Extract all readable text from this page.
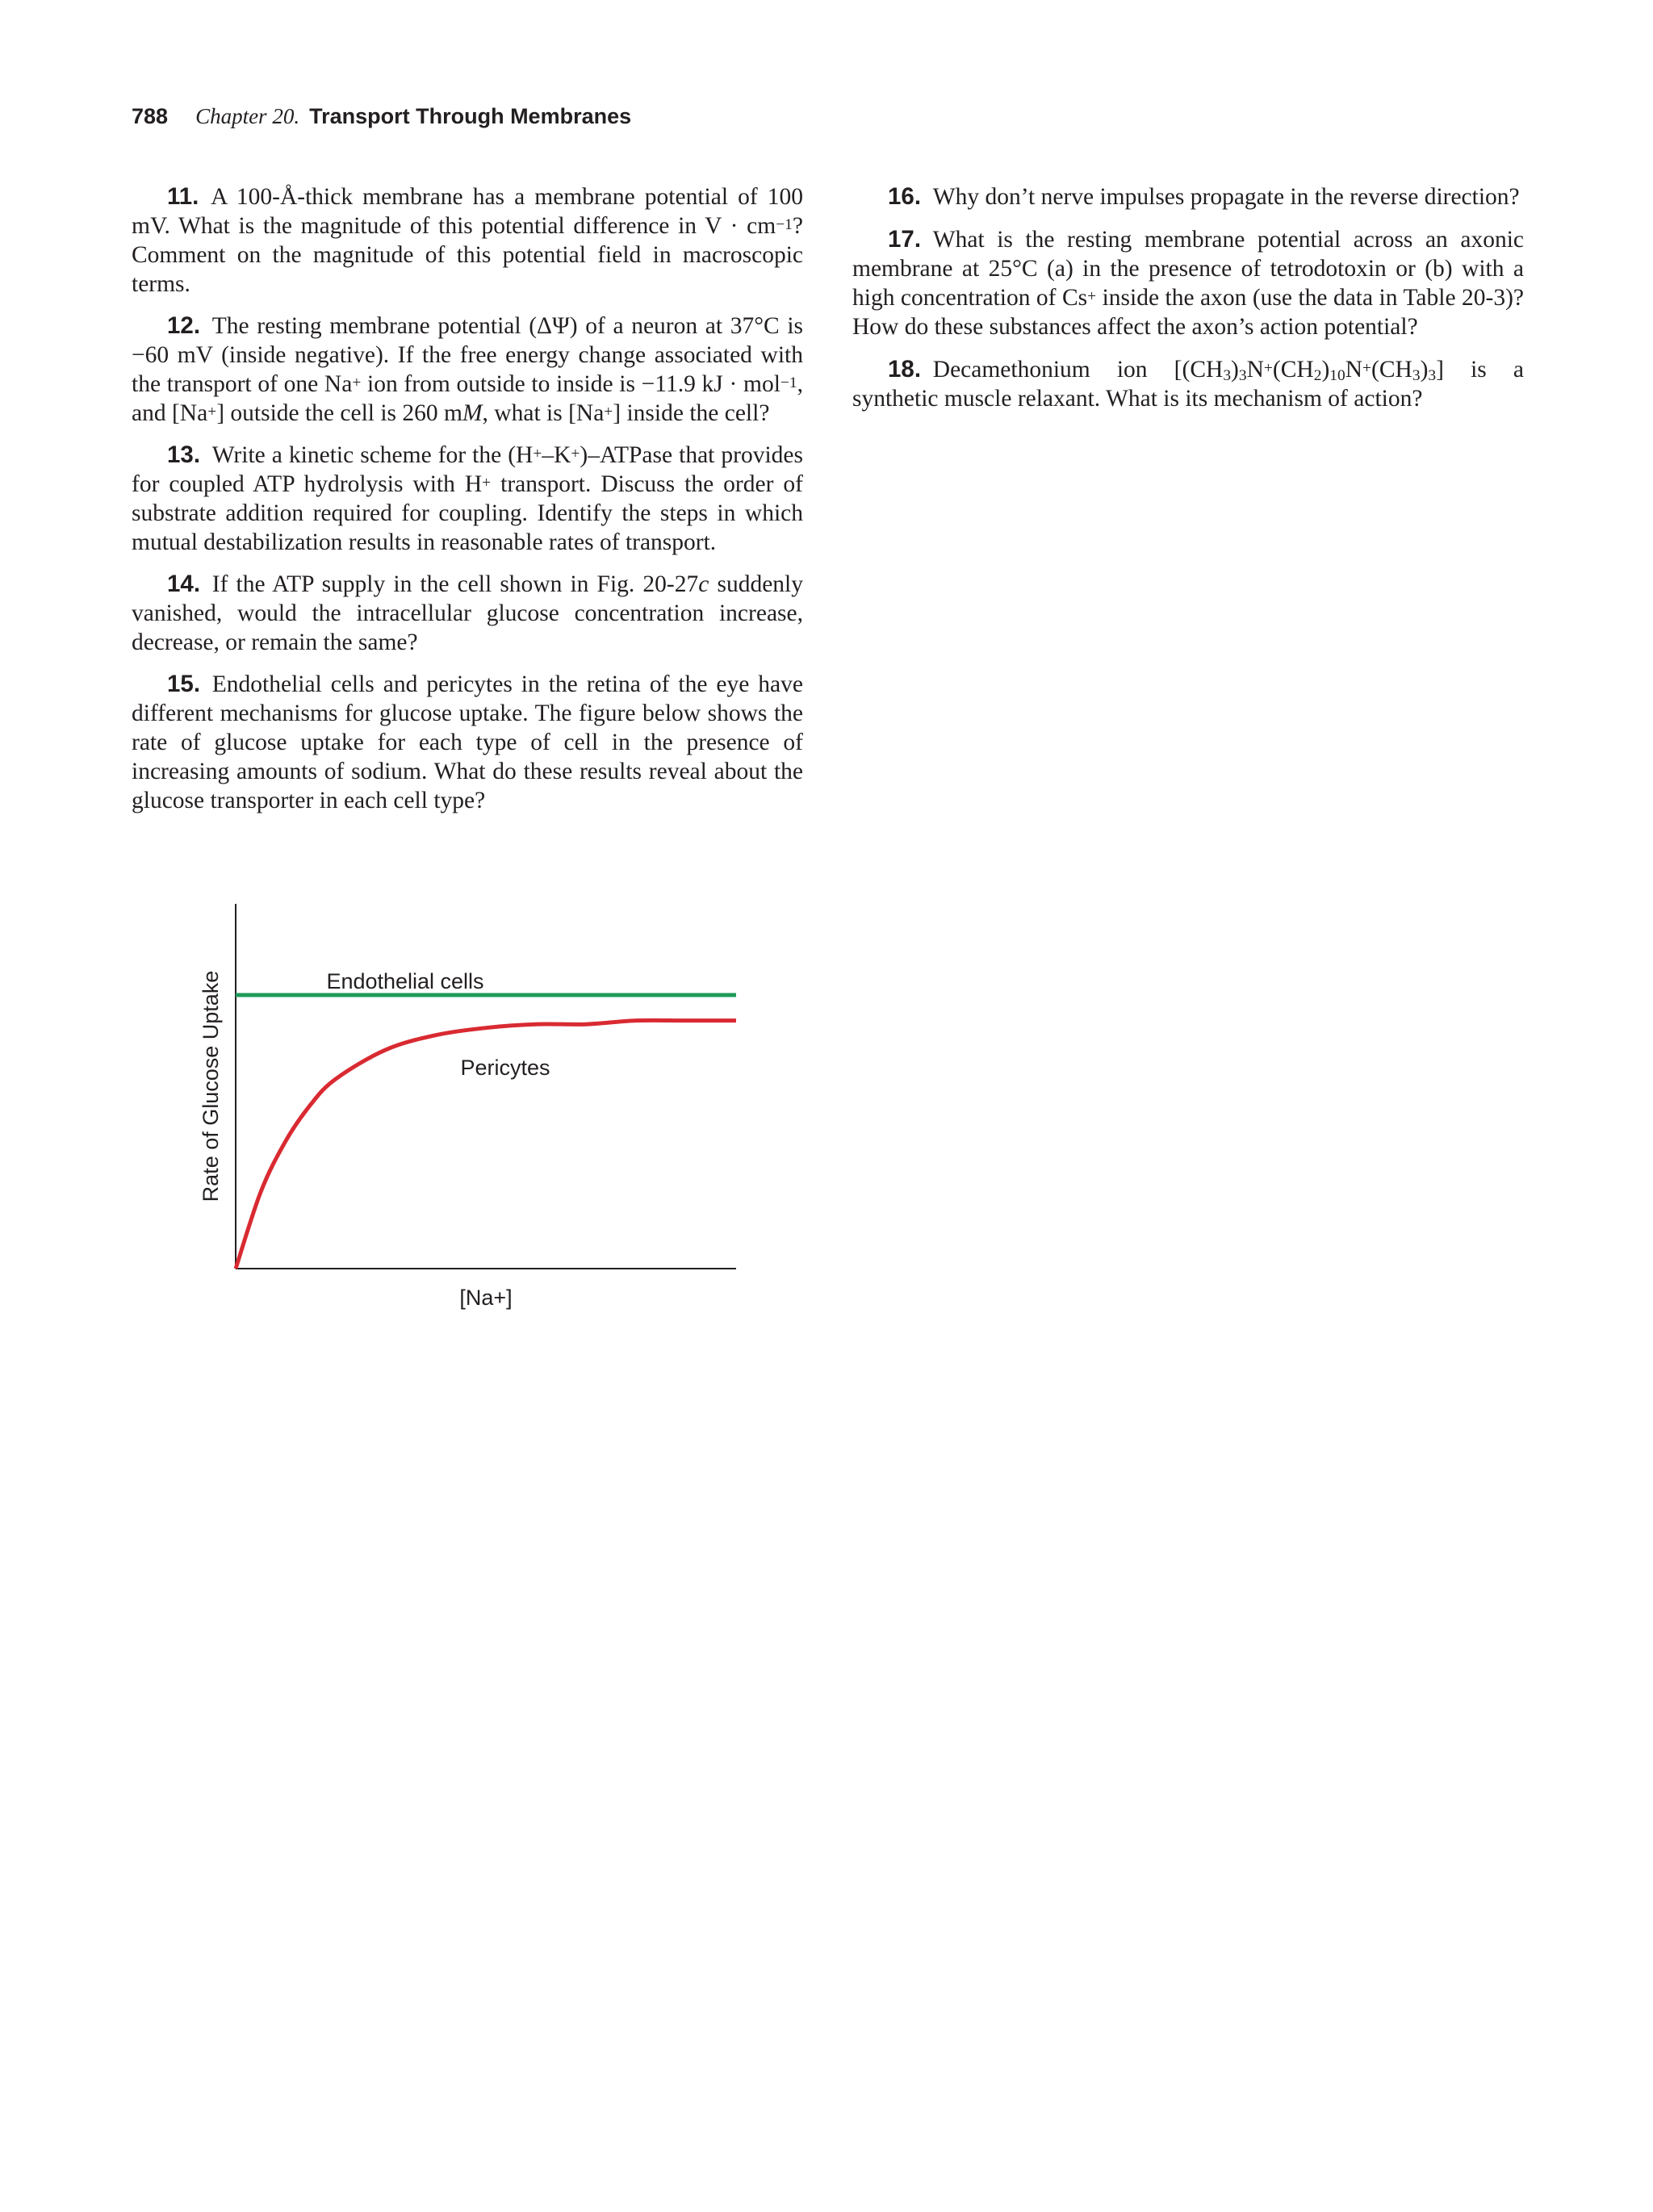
788 Chapter 20. Transport Through Membranes

11.  A 100-Å-thick membrane has a membrane potential of 100 mV. What is the magnitude of this potential difference in $V \cdot cm^{-1}$? Comment on the magnitude of this potential field in macroscopic terms.

12.  The resting membrane potential (ΔΨ) of a neuron at 37°C is −60 mV (inside negative). If the free energy change associated with the transport of one Na+ ion from outside to inside is −11.9 kJ · mol$^{-1}$, and [Na+] outside the cell is 260 mM, what is [Na+] inside the cell?

13.  Write a kinetic scheme for the (H+–K+)–ATPase that provides for coupled ATP hydrolysis with H+ transport. Discuss the order of substrate addition required for coupling. Identify the steps in which mutual destabilization results in reasonable rates of transport.

14.  If the ATP supply in the cell shown in Fig. 20-27c suddenly vanished, would the intracellular glucose concentration increase, decrease, or remain the same?

15.  Endothelial cells and pericytes in the retina of the eye have different mechanisms for glucose uptake. The figure below shows the rate of glucose uptake for each type of cell in the presence of increasing amounts of sodium. What do these results reveal about the glucose transporter in each cell type?

16.  Why don’t nerve impulses propagate in the reverse direction?

17.  What is the resting membrane potential across an axonic membrane at 25°C (a) in the presence of tetrodotoxin or (b) with a high concentration of Cs+ inside the axon (use the data in Table 20-3)? How do these substances affect the axon’s action potential?

18.  Decamethonium ion $[(CH_3)_3N^+(CH_2)_{10}N^+(CH_3)_3]$ is a synthetic muscle relaxant. What is its mechanism of action?

Endothelial cells
Pericytes
[Na+]
Rate of Glucose Uptake
